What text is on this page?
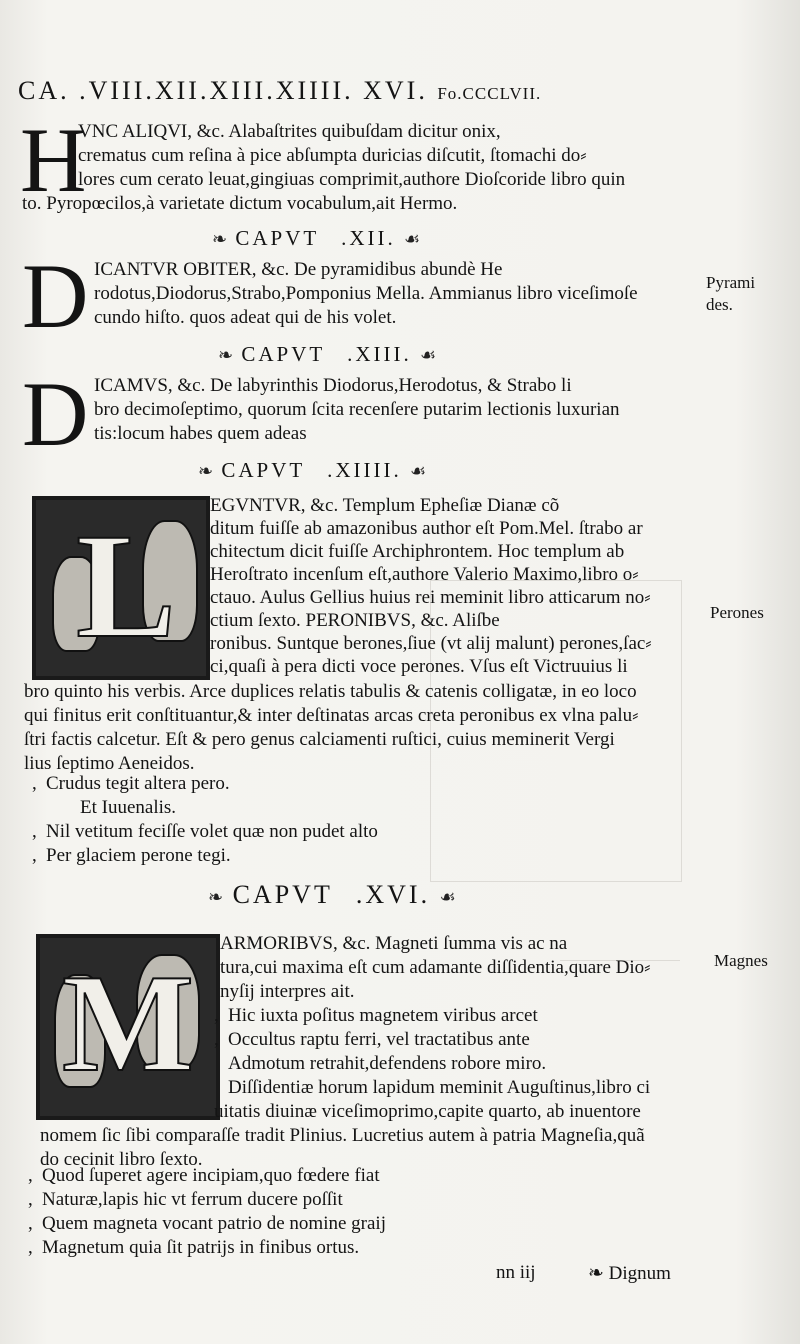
CA. .VIII.XII.XIII.XIIII. XVI. Fo.CCCLVII.
H
VNC ALIQVI, &c. Alabaſtrites quibuſdam dicitur onix,
crematus cum reſina à pice abſumpta duricias diſcutit, ſtomachi do⸗
lores cum cerato leuat,gingiuas comprimit,authore Dioſcoride libro quin
to. Pyropœcilos,à varietate dictum vocabulum,ait Hermo.
❧ CAPVT .XII. ☙
D ICANTVR OBITER, &c. De pyramidibus abundè He
rodotus,Diodorus,Strabo,Pomponius Mella. Ammianus libro viceſimoſe
cundo hiſto. quos adeat qui de his volet.
Pyrami
des.
❧ CAPVT .XIII. ☙
D ICAMVS, &c. De labyrinthis Diodorus,Herodotus, & Strabo li
bro decimoſeptimo, quorum ſcita recenſere putarim lectionis luxurian
tis:locum habes quem adeas
❧ CAPVT .XIIII. ☙
L EGVNTVR, &c. Templum Epheſiæ Dianæ cõ
ditum fuiſſe ab amazonibus author eſt Pom.Mel. ſtrabo ar
chitectum dicit fuiſſe Archiphrontem. Hoc templum ab
Heroſtrato incenſum eſt,authore Valerio Maximo,libro o⸗
ctauo. Aulus Gellius huius rei meminit libro atticarum no⸗
ctium ſexto. PERONIBVS, &c. Aliſbe
ronibus. Suntque berones,ſiue (vt alij malunt) perones,ſac⸗
ci,quaſi à pera dicti voce perones. Vſus eſt Victruuius li
Perones
bro quinto his verbis. Arce duplices relatis tabulis & catenis colligatæ, in eo loco
qui finitus erit conſtituantur,& inter deſtinatas arcas creta peronibus ex vlna palu⸗
ſtri factis calcetur. Eſt & pero genus calciamenti ruſtici, cuius meminerit Vergi
lius ſeptimo Aeneidos.
, Crudus tegit altera pero.
Et Iuuenalis.
, Nil vetitum feciſſe volet quæ non pudet alto
, Per glaciem perone tegi.
❧ CAPVT .XVI. ☙
M
ARMORIBVS, &c. Magneti ſumma vis ac na
tura,cui maxima eſt cum adamante diſſidentia,quare Dio⸗
nyſij interpres ait.
, Hic iuxta poſitus magnetem viribus arcet
, Occultus raptu ferri, vel tractatibus ante
Admotum retrahit,defendens robore miro.
Diſſidentiæ horum lapidum meminit Auguſtinus,libro ci
uitatis diuinæ viceſimoprimo,capite quarto, ab inuentore
Magnes
nomem ſic ſibi comparaſſe tradit Plinius. Lucretius autem à patria Magneſia,quã
do cecinit libro ſexto.
, Quod ſuperet agere incipiam,quo fœdere fiat
, Naturæ,lapis hic vt ferrum ducere poſſit
, Quem magneta vocant patrio de nomine graij
, Magnetum quia ſit patrijs in finibus ortus.
nn iij	❧ Dignum
